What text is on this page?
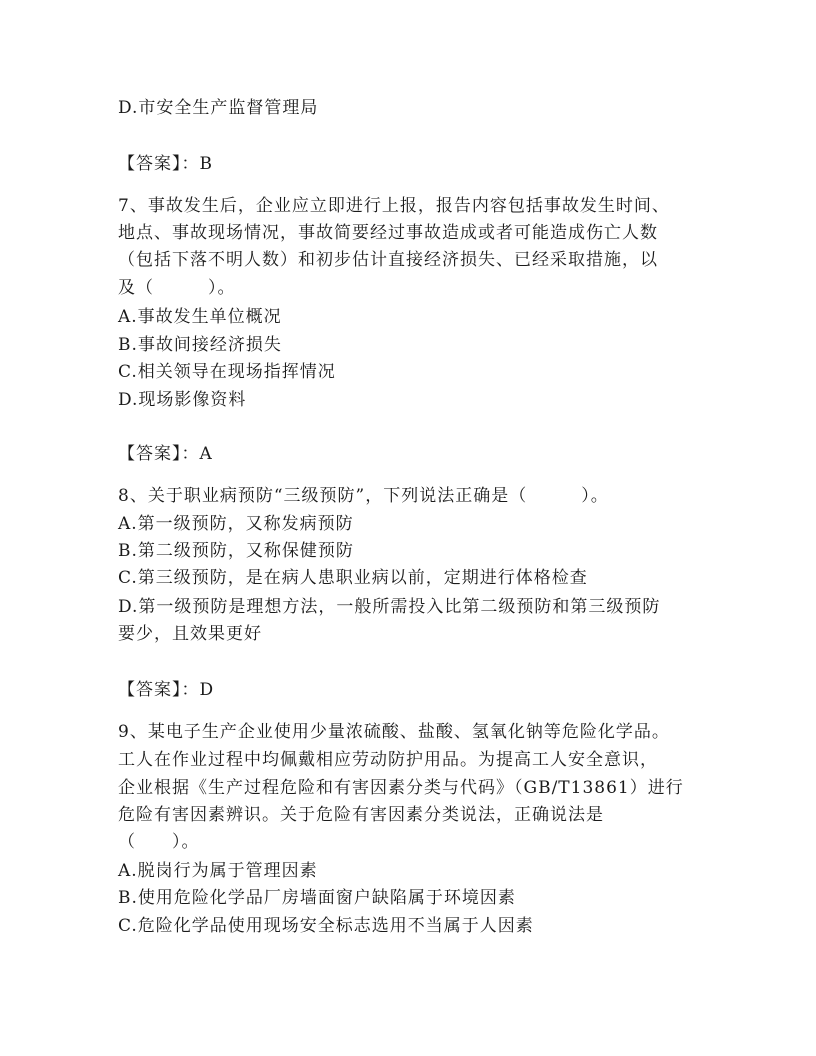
D.市安全生产监督管理局
【答案】：B
7、事故发生后，企业应立即进行上报，报告内容包括事故发生时间、
地点、事故现场情况，事故简要经过事故造成或者可能造成伤亡人数
（包括下落不明人数）和初步估计直接经济损失、已经采取措施，以
及（　　　）。
A.事故发生单位概况
B.事故间接经济损失
C.相关领导在现场指挥情况
D.现场影像资料
【答案】：A
8、关于职业病预防“三级预防”，下列说法正确是（　　　）。
A.第一级预防，又称发病预防
B.第二级预防，又称保健预防
C.第三级预防，是在病人患职业病以前，定期进行体格检查
D.第一级预防是理想方法，一般所需投入比第二级预防和第三级预防
要少，且效果更好
【答案】：D
9、某电子生产企业使用少量浓硫酸、盐酸、氢氧化钠等危险化学品。
工人在作业过程中均佩戴相应劳动防护用品。为提高工人安全意识，
企业根据《生产过程危险和有害因素分类与代码》（GB/T13861）进行
危险有害因素辨识。关于危险有害因素分类说法，正确说法是
（　　）。
A.脱岗行为属于管理因素
B.使用危险化学品厂房墙面窗户缺陷属于环境因素
C.危险化学品使用现场安全标志选用不当属于人因素
